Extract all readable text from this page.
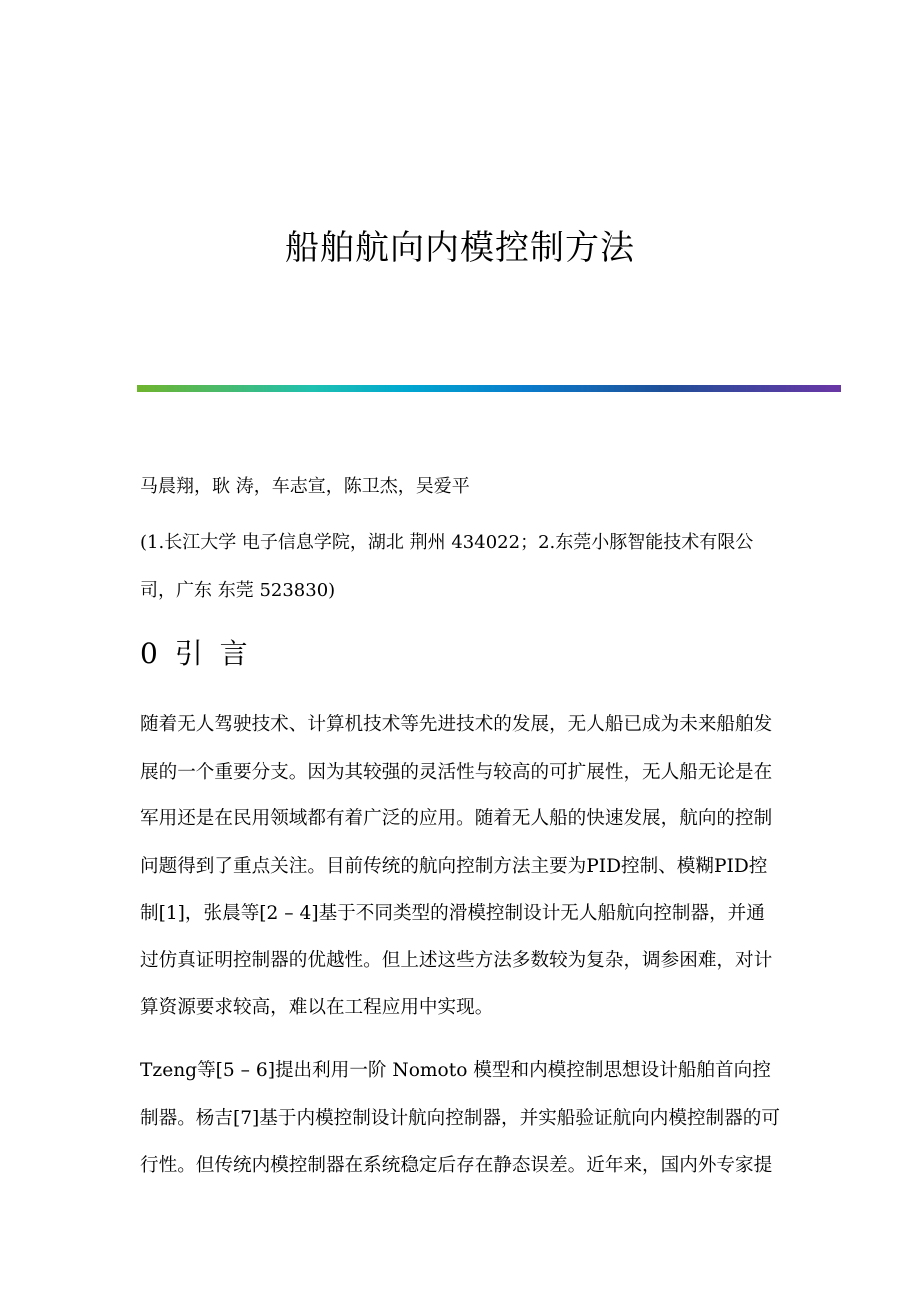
船舶航向内模控制方法
马晨翔，耿 涛，车志宣，陈卫杰，吴爱平
(1.长江大学 电子信息学院，湖北 荆州 434022；2.东莞小豚智能技术有限公
司，广东 东莞 523830)
0 引 言
随着无人驾驶技术、计算机技术等先进技术的发展，无人船已成为未来船舶发
展的一个重要分支。因为其较强的灵活性与较高的可扩展性，无人船无论是在
军用还是在民用领域都有着广泛的应用。随着无人船的快速发展，航向的控制
问题得到了重点关注。目前传统的航向控制方法主要为PID控制、模糊PID控
制[1]，张晨等[2 – 4]基于不同类型的滑模控制设计无人船航向控制器，并通
过仿真证明控制器的优越性。但上述这些方法多数较为复杂，调参困难，对计
算资源要求较高，难以在工程应用中实现。
Tzeng等[5 – 6]提出利用一阶 Nomoto 模型和内模控制思想设计船舶首向控
制器。杨吉[7]基于内模控制设计航向控制器，并实船验证航向内模控制器的可
行性。但传统内模控制器在系统稳定后存在静态误差。近年来，国内外专家提
